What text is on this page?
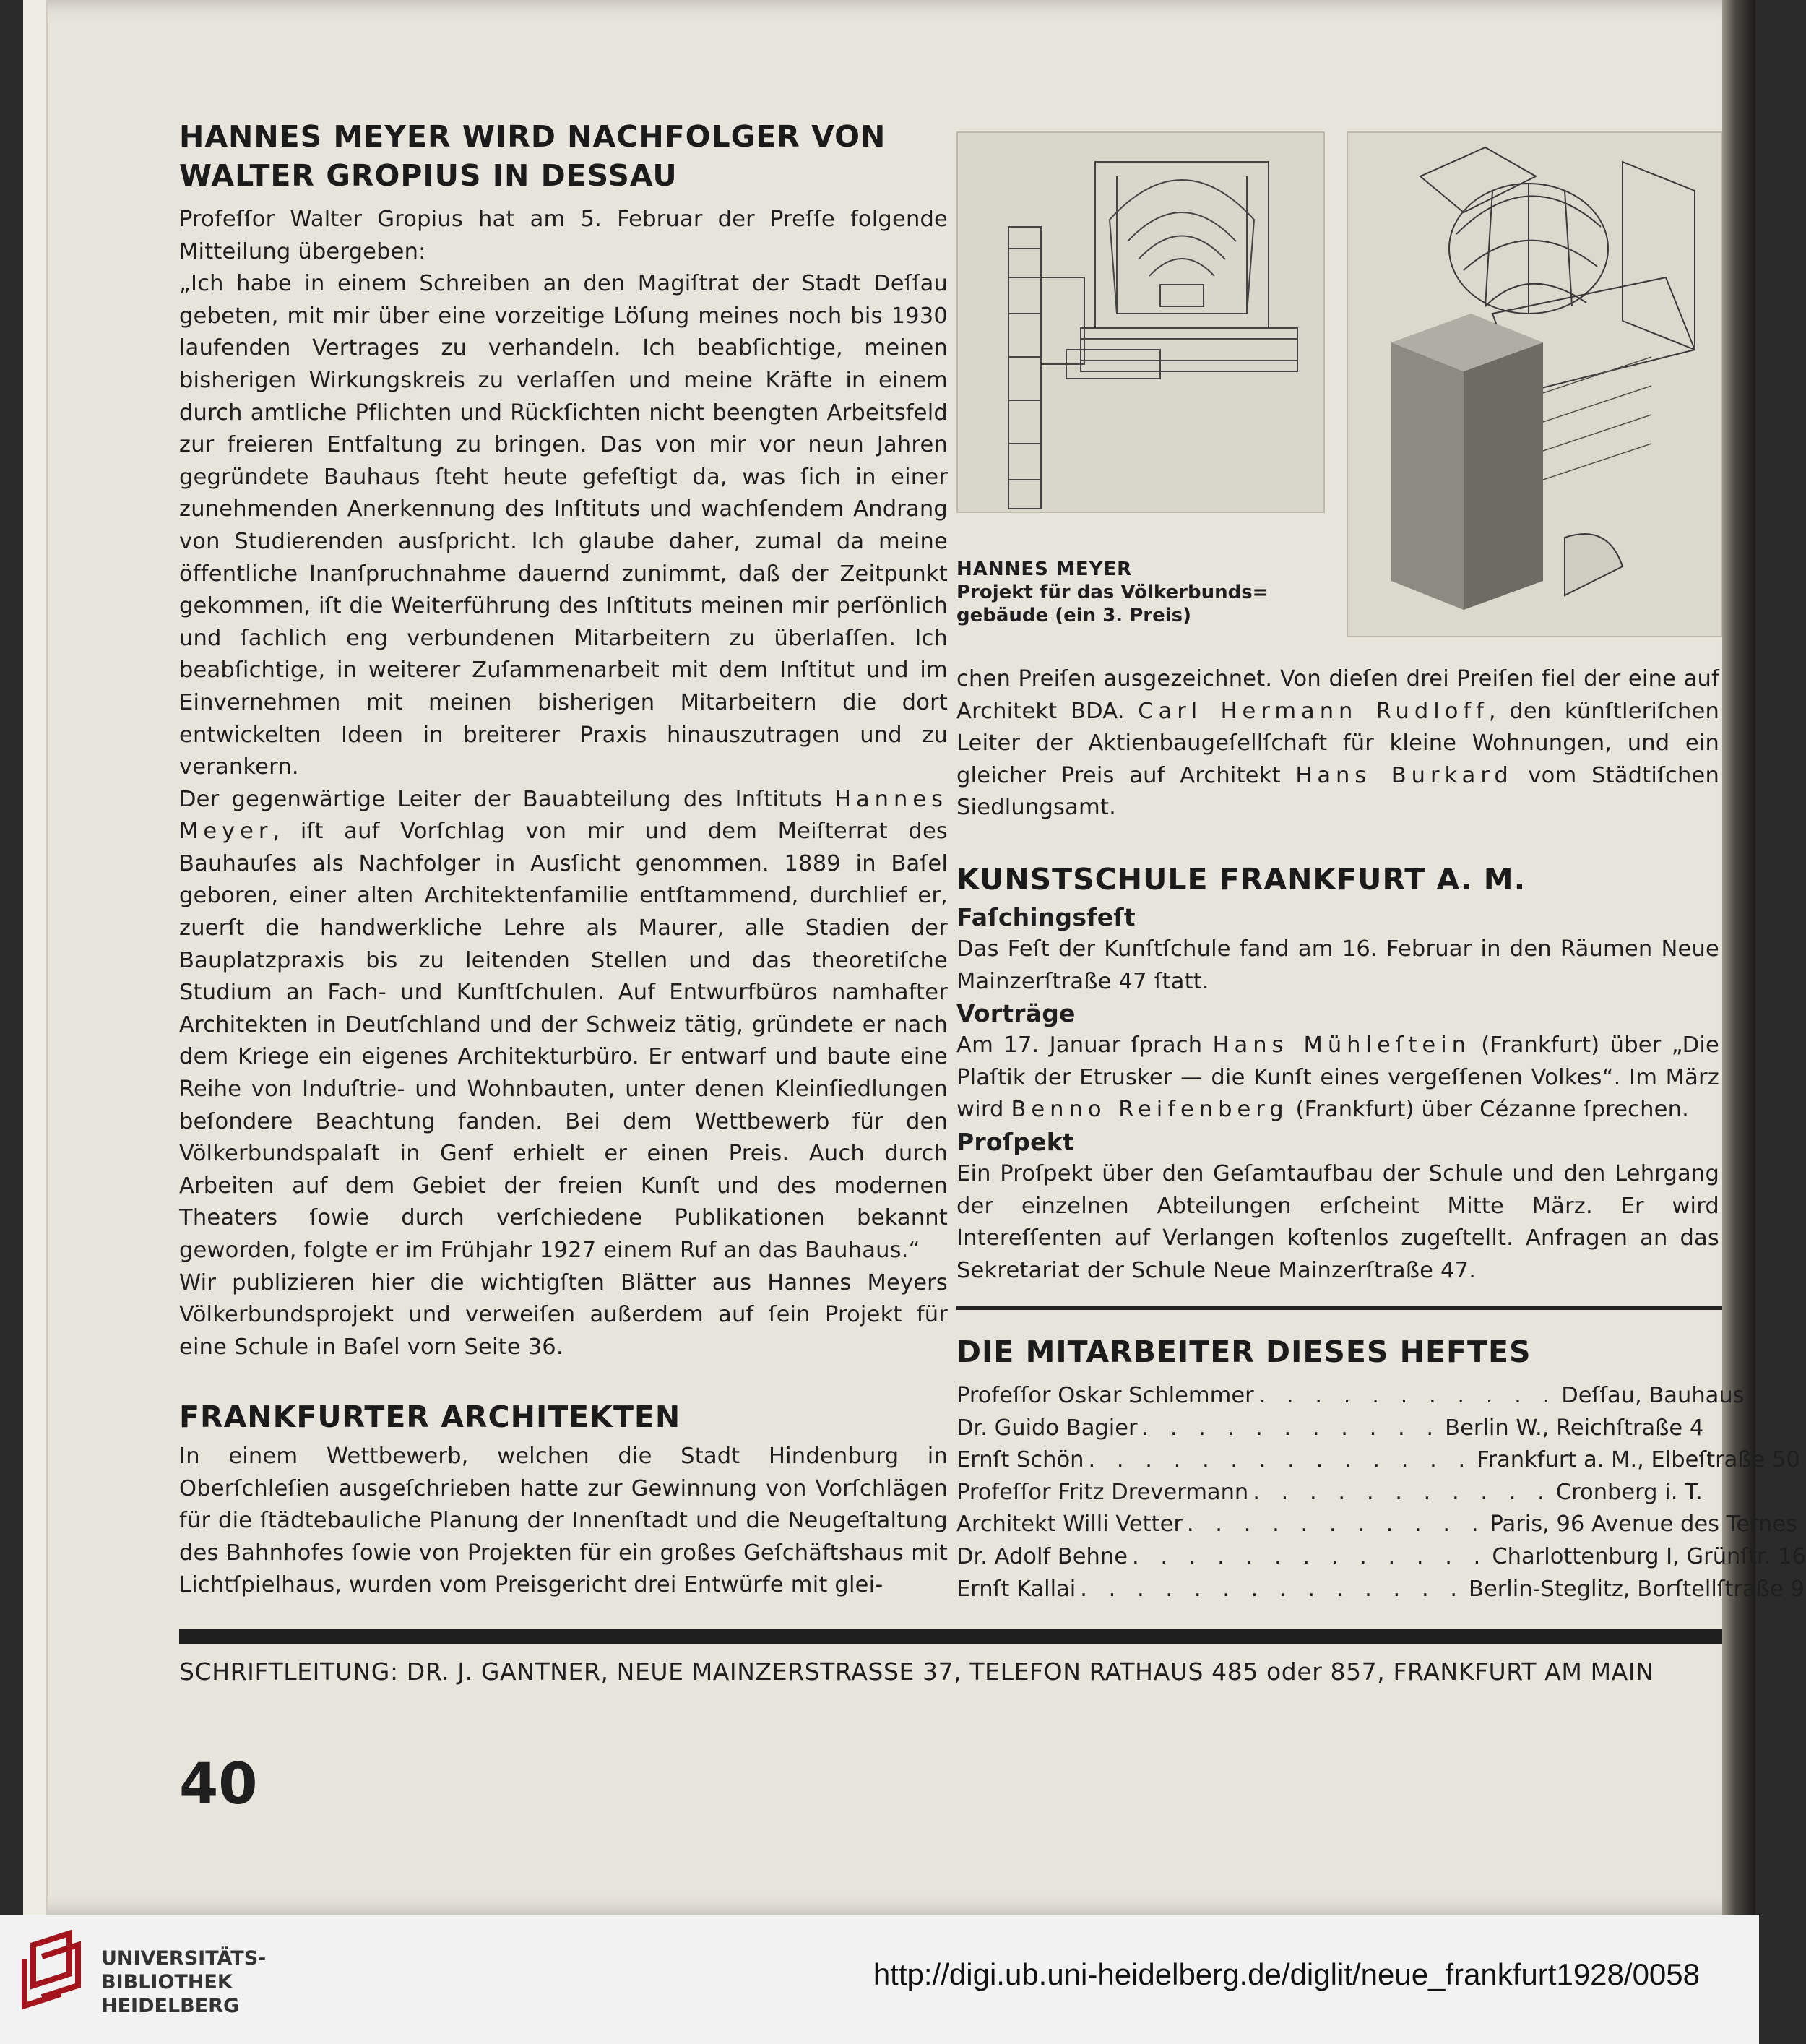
HANNES MEYER WIRD NACHFOLGER VON
WALTER GROPIUS IN DESSAU

Profeſſor Walter Gropius hat am 5. Februar der Preſſe folgende Mitteilung übergeben:

„Ich habe in einem Schreiben an den Magiſtrat der Stadt Deſſau gebeten, mit mir über eine vorzeitige Löſung meines noch bis 1930 laufenden Vertrages zu verhandeln. Ich beabſichtige, meinen bisherigen Wirkungskreis zu verlaſſen und meine Kräfte in einem durch amtliche Pflichten und Rückſichten nicht beengten Arbeitsfeld zur freieren Entfaltung zu bringen. Das von mir vor neun Jahren gegründete Bauhaus ſteht heute gefeſtigt da, was ſich in einer zunehmenden Anerkennung des Inſtituts und wachſendem Andrang von Studierenden ausſpricht. Ich glaube daher, zumal da meine öffentliche Inanſpruchnahme dauernd zunimmt, daß der Zeitpunkt gekommen, iſt die Weiterführung des Inſtituts meinen mir perſönlich und ſachlich eng verbundenen Mitarbeitern zu überlaſſen. Ich beabſichtige, in weiterer Zuſammenarbeit mit dem Inſtitut und im Einvernehmen mit meinen bisherigen Mitarbeitern die dort entwickelten Ideen in breiterer Praxis hinauszutragen und zu verankern.

Der gegenwärtige Leiter der Bauabteilung des Inſtituts Hannes Meyer, iſt auf Vorſchlag von mir und dem Meiſterrat des Bauhauſes als Nachfolger in Ausſicht genommen. 1889 in Baſel geboren, einer alten Architektenfamilie entſtammend, durchlief er, zuerſt die handwerkliche Lehre als Maurer, alle Stadien der Bauplatzpraxis bis zu leitenden Stellen und das theoretiſche Studium an Fach- und Kunſtſchulen. Auf Entwurfbüros namhafter Architekten in Deutſchland und der Schweiz tätig, gründete er nach dem Kriege ein eigenes Architekturbüro. Er entwarf und baute eine Reihe von Induſtrie- und Wohnbauten, unter denen Kleinſiedlungen beſondere Beachtung fanden. Bei dem Wettbewerb für den Völkerbundspalaſt in Genf erhielt er einen Preis. Auch durch Arbeiten auf dem Gebiet der freien Kunſt und des modernen Theaters ſowie durch verſchiedene Publikationen bekannt geworden, folgte er im Frühjahr 1927 einem Ruf an das Bauhaus.“

Wir publizieren hier die wichtigſten Blätter aus Hannes Meyers Völkerbundsprojekt und verweiſen außerdem auf ſein Projekt für eine Schule in Baſel vorn Seite 36.

FRANKFURTER ARCHITEKTEN

In einem Wettbewerb, welchen die Stadt Hindenburg in Oberſchleſien ausgeſchrieben hatte zur Gewinnung von Vorſchlägen für die ſtädtebauliche Planung der Innenſtadt und die Neugeſtaltung des Bahnhofes ſowie von Projekten für ein großes Geſchäftshaus mit Lichtſpielhaus, wurden vom Preisgericht drei Entwürfe mit glei-

HANNES MEYER
Projekt für das Völkerbunds=
gebäude (ein 3. Preis)

chen Preiſen ausgezeichnet. Von dieſen drei Preiſen fiel der eine auf Architekt BDA. Carl Hermann Rudloff, den künſtleriſchen Leiter der Aktienbaugeſellſchaft für kleine Wohnungen, und ein gleicher Preis auf Architekt Hans Burkard vom Städtiſchen Siedlungsamt.

KUNSTSCHULE FRANKFURT A. M.
Faſchingsfeſt

Das Feſt der Kunſtſchule fand am 16. Februar in den Räumen Neue Mainzerſtraße 47 ſtatt.

Vorträge

Am 17. Januar ſprach Hans Mühleſtein (Frankfurt) über „Die Plaſtik der Etrusker — die Kunſt eines vergeſſenen Volkes“. Im März wird Benno Reifenberg (Frankfurt) über Cézanne ſprechen.

Proſpekt

Ein Proſpekt über den Geſamtaufbau der Schule und den Lehrgang der einzelnen Abteilungen erſcheint Mitte März. Er wird Intereſſenten auf Verlangen koſtenlos zugeſtellt. Anfragen an das Sekretariat der Schule Neue Mainzerſtraße 47.

DIE MITARBEITER DIESES HEFTES
Profeſſor Oskar Schlemmer . . . . . . . . . . . Deſſau, Bauhaus
Dr. Guido Bagier . . . . . . . . . . . Berlin W., Reichſtraße 4
Ernſt Schön . . . . . . . . . . . . . . Frankfurt a. M., Elbeſtraße 50
Profeſſor Fritz Drevermann . . . . . . . . . . . Cronberg i. T.
Architekt Willi Vetter . . . . . . . . . . . Paris, 96 Avenue des Ternes
Dr. Adolf Behne . . . . . . . . . . . . . Charlottenburg I, Grünſtr. 16
Ernſt Kallai . . . . . . . . . . . . . . Berlin-Steglitz, Borſtellſtraße 9
SCHRIFTLEITUNG: DR. J. GANTNER, NEUE MAINZERSTRASSE 37, TELEFON RATHAUS 485 oder 857, FRANKFURT AM MAIN
40
UNIVERSITÄTS-
BIBLIOTHEK
HEIDELBERG
http://digi.ub.uni-heidelberg.de/diglit/neue_frankfurt1928/0058
